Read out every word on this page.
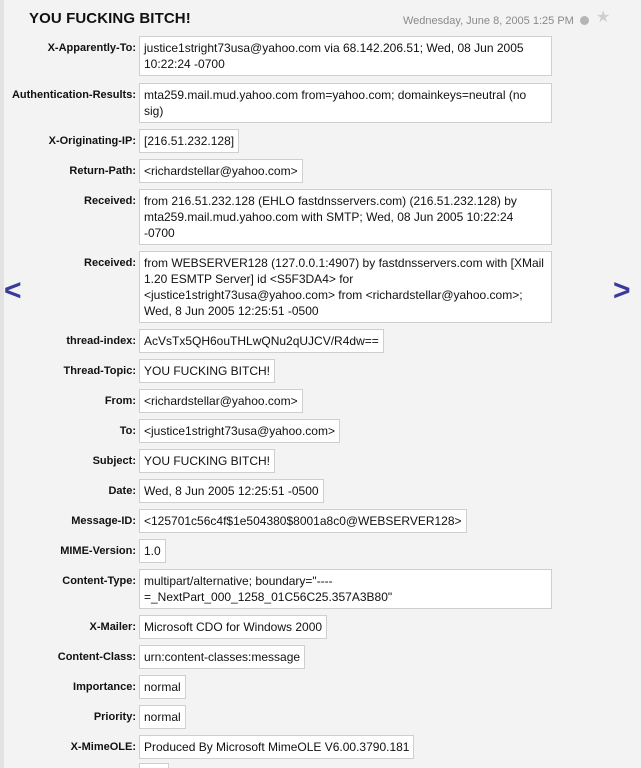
YOU FUCKING BITCH!	Wednesday, June 8, 2005 1:25 PM ★
<	>
X-Apparently-To: justice1stright73usa@yahoo.com via 68.142.206.51; Wed, 08 Jun 2005 10:22:24 -0700
Authentication-Results: mta259.mail.mud.yahoo.com from=yahoo.com; domainkeys=neutral (no sig)
X-Originating-IP: [216.51.232.128]
Return-Path: <richardstellar@yahoo.com>
Received: from 216.51.232.128 (EHLO fastdnsservers.com) (216.51.232.128) by mta259.mail.mud.yahoo.com with SMTP; Wed, 08 Jun 2005 10:22:24 -0700
Received: from WEBSERVER128 (127.0.0.1:4907) by fastdnsservers.com with [XMail 1.20 ESMTP Server] id <S5F3DA4> for <justice1stright73usa@yahoo.com> from <richardstellar@yahoo.com>; Wed, 8 Jun 2005 12:25:51 -0500
thread-index: AcVsTx5QH6ouTHLwQNu2qUJCV/R4dw==
Thread-Topic: YOU FUCKING BITCH!
From: <richardstellar@yahoo.com>
To: <justice1stright73usa@yahoo.com>
Subject: YOU FUCKING BITCH!
Date: Wed, 8 Jun 2005 12:25:51 -0500
Message-ID: <125701c56c4f$1e504380$8001a8c0@WEBSERVER128>
MIME-Version: 1.0
Content-Type: multipart/alternative; boundary="----=_NextPart_000_1258_01C56C25.357A3B80"
X-Mailer: Microsoft CDO for Windows 2000
Content-Class: urn:content-classes:message
Importance: normal
Priority: normal
X-MimeOLE: Produced By Microsoft MimeOLE V6.00.3790.181
